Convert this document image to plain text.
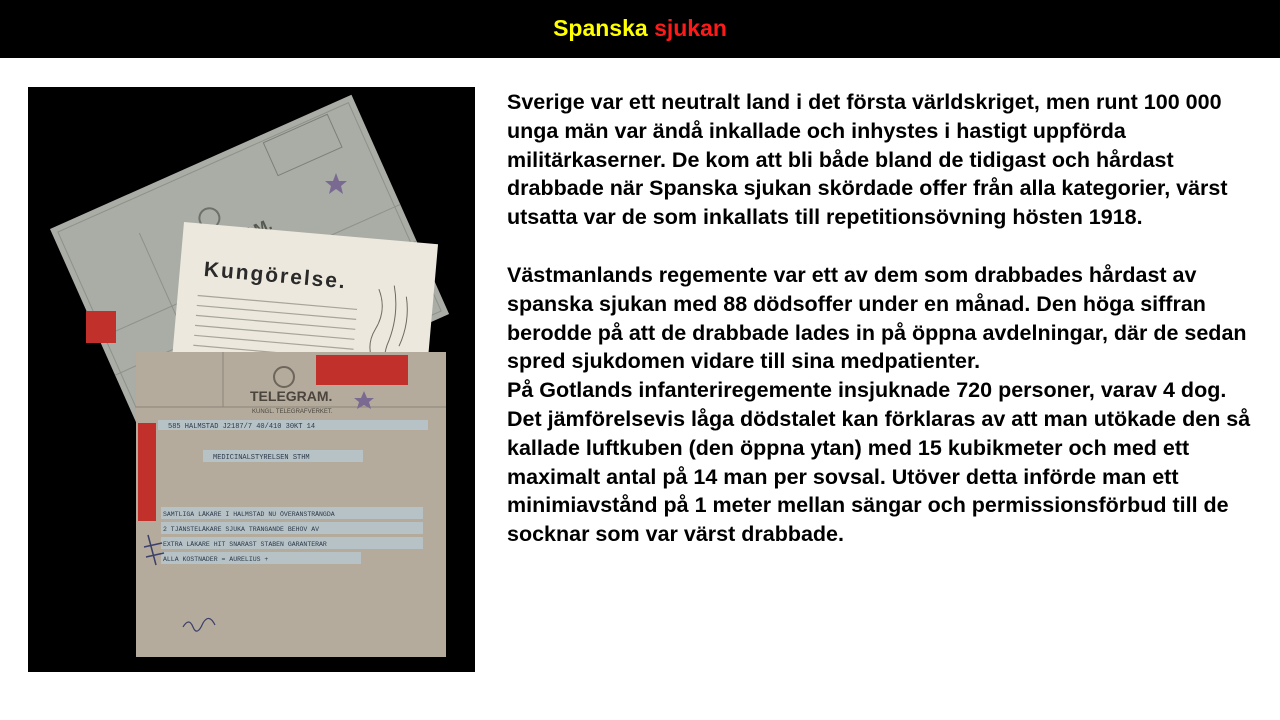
Spanska sjukan
Kungörelse.
TELEGRAM.
KUNGL. TELEGRAFVERKET.
585 HALMSTAD J2187/7 40/410 30KT 14
MEDICINALSTYRELSEN STHM
SAMTLIGA LÄKARE I HALMSTAD NU ÖVERANSTRÄNGDA
2 TJÄNSTELÄKARE SJUKA TRÄNGANDE BEHOV AV
EXTRA LÄKARE HIT SNARAST STABEN GARANTERAR
ALLA KOSTNADER = AURELIUS +

Sverige var ett neutralt land i det första världskriget, men runt 100 000 unga män var ändå inkallade och inhystes i hastigt uppförda militärkaserner. De kom att bli både bland de tidigast och hårdast drabbade när Spanska sjukan skördade offer från alla kategorier, värst utsatta var de som inkallats till repetitionsövning hösten 1918.

Västmanlands regemente var ett av dem som drabbades hårdast av spanska sjukan med 88 dödsoffer under en månad. Den höga siffran berodde på att de drabbade lades in på öppna avdelningar, där de sedan spred sjukdomen vidare till sina medpatienter.

På Gotlands infanteriregemente insjuknade 720 personer, varav 4 dog. Det jämförelsevis låga dödstalet kan förklaras av att man utökade den så kallade luftkuben (den öppna ytan) med 15 kubikmeter och med ett maximalt antal på 14 man per sovsal. Utöver detta införde man ett minimiavstånd på 1 meter mellan sängar och permissionsförbud till de socknar som var värst drabbade.
